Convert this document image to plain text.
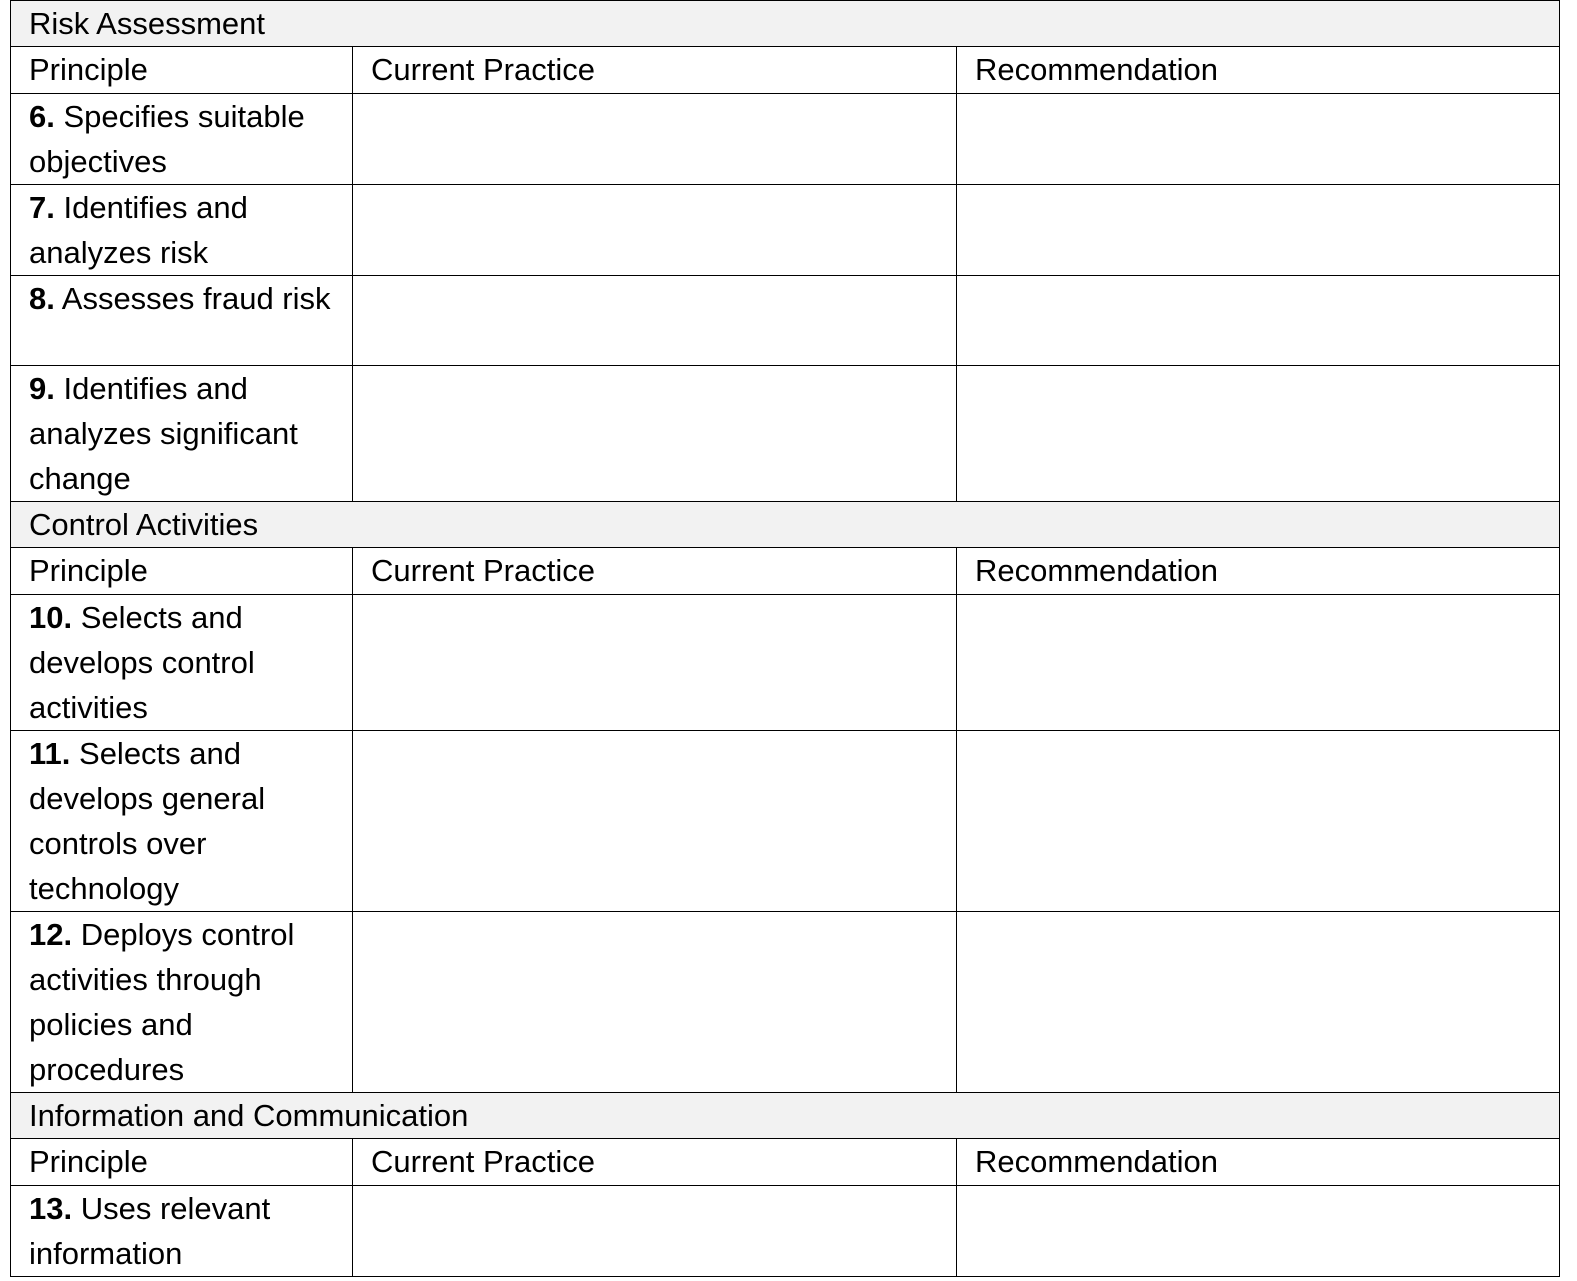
Risk Assessment		
Principle	Current Practice	Recommendation
6. Specifies suitable objectives		
7. Identifies and analyzes risk		
8. Assesses fraud risk		
9. Identifies and analyzes significant change		
Control Activities		
Principle	Current Practice	Recommendation
10. Selects and develops control activities		
11. Selects and develops general controls over technology		
12. Deploys control activities through policies and procedures		
Information and Communication		
Principle	Current Practice	Recommendation
13. Uses relevant information		
